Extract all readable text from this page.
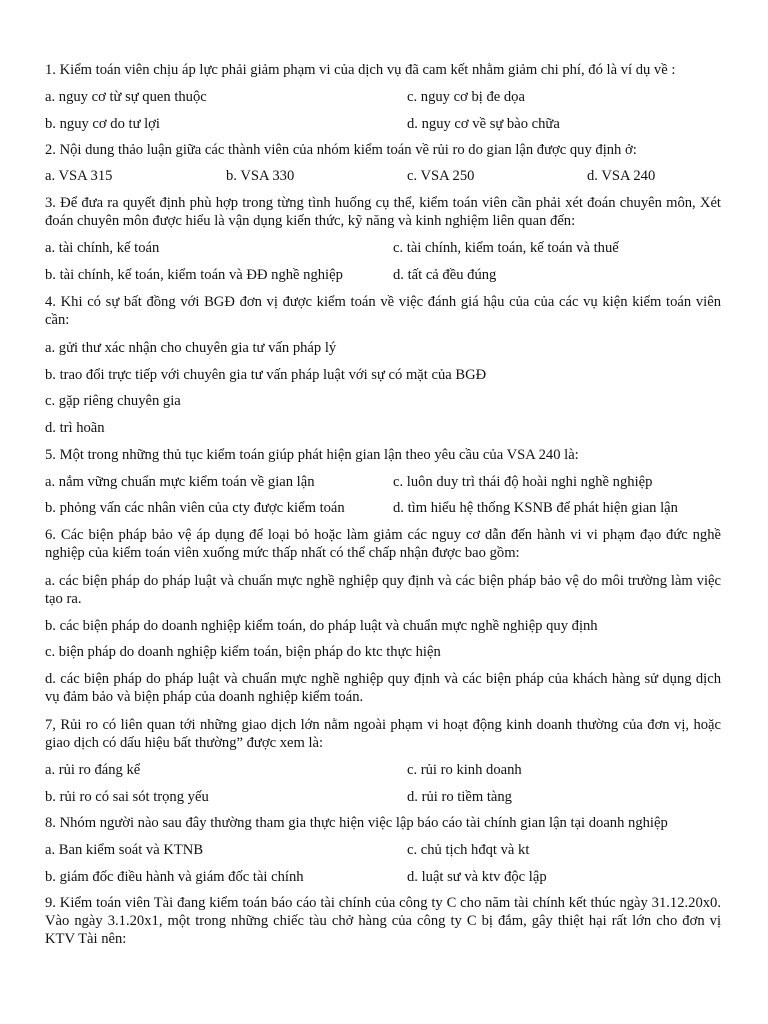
1. Kiểm toán viên chịu áp lực phải giảm phạm vi của dịch vụ đã cam kết nhằm giảm chi phí, đó là ví dụ về :
a. nguy cơ từ sự quen thuộc	c. nguy cơ bị đe dọa
b. nguy cơ do tư lợi	d. nguy cơ về sự bào chữa
2. Nội dung thảo luận giữa các thành viên của nhóm kiểm toán về rủi ro do gian lận được quy định ở:
a. VSA 315	b. VSA 330	c. VSA 250	d. VSA 240
3. Để đưa ra quyết định phù hợp trong từng tình huống cụ thể, kiểm toán viên cần phải xét đoán chuyên môn, Xét đoán chuyên môn được hiểu là vận dụng kiến thức, kỹ năng và kinh nghiệm liên quan đến:
a. tài chính, kế toán	c. tài chính, kiểm toán, kế toán và thuế
b. tài chính, kế toán, kiểm toán và ĐĐ nghề nghiệp	d. tất cả đều đúng
4. Khi có sự bất đồng với BGĐ đơn vị được kiểm toán về việc đánh giá hậu của của các vụ kiện kiểm toán viên cần:
a. gửi thư xác nhận cho chuyên gia tư vấn pháp lý
b. trao đổi trực tiếp với chuyên gia tư vấn pháp luật với sự có mặt của BGĐ
c. gặp riêng chuyên gia
d. trì hoãn
5. Một trong những thủ tục kiểm toán giúp phát hiện gian lận theo yêu cầu của VSA 240 là:
a. nắm vững chuẩn mực kiểm toán về gian lận	c. luôn duy trì thái độ hoài nghi nghề nghiệp
b. phỏng vấn các nhân viên của cty được kiểm toán	d. tìm hiểu hệ thống KSNB để phát hiện gian lận
6. Các biện pháp bảo vệ áp dụng để loại bỏ hoặc làm giảm các nguy cơ dẫn đến hành vi vi phạm đạo đức nghề nghiệp của kiểm toán viên xuống mức thấp nhất có thể chấp nhận được bao gồm:
a. các biện pháp do pháp luật và chuẩn mực nghề nghiệp quy định và các biện pháp bảo vệ do môi trường làm việc tạo ra.
b. các biện pháp do doanh nghiệp kiểm toán, do pháp luật và chuẩn mực nghề nghiệp quy định
c. biện pháp do doanh nghiệp kiểm toán, biện pháp do ktc thực hiện
d. các biện pháp do pháp luật và chuẩn mực nghề nghiệp quy định và các biện pháp của khách hàng sử dụng dịch vụ đảm bảo và biện pháp của doanh nghiệp kiểm toán.
7, Rủi ro có liên quan tới những giao dịch lớn nằm ngoài phạm vi hoạt động kinh doanh thường của đơn vị, hoặc giao dịch có dấu hiệu bất thường” được xem là:
a. rủi ro đáng kể	c. rủi ro kinh doanh
b. rủi ro có sai sót trọng yếu	d. rủi ro tiềm tàng
8. Nhóm người nào sau đây thường tham gia thực hiện việc lập báo cáo tài chính gian lận tại doanh nghiệp
a. Ban kiểm soát và KTNB	c. chủ tịch hđqt và kt
b. giám đốc điều hành và giám đốc tài chính	d. luật sư và ktv độc lập
9. Kiểm toán viên Tài đang kiểm toán báo cáo tài chính của công ty C cho năm tài chính kết thúc ngày 31.12.20x0. Vào ngày 3.1.20x1, một trong những chiếc tàu chở hàng của công ty C bị đắm, gây thiệt hại rất lớn cho đơn vị KTV Tài nên:
